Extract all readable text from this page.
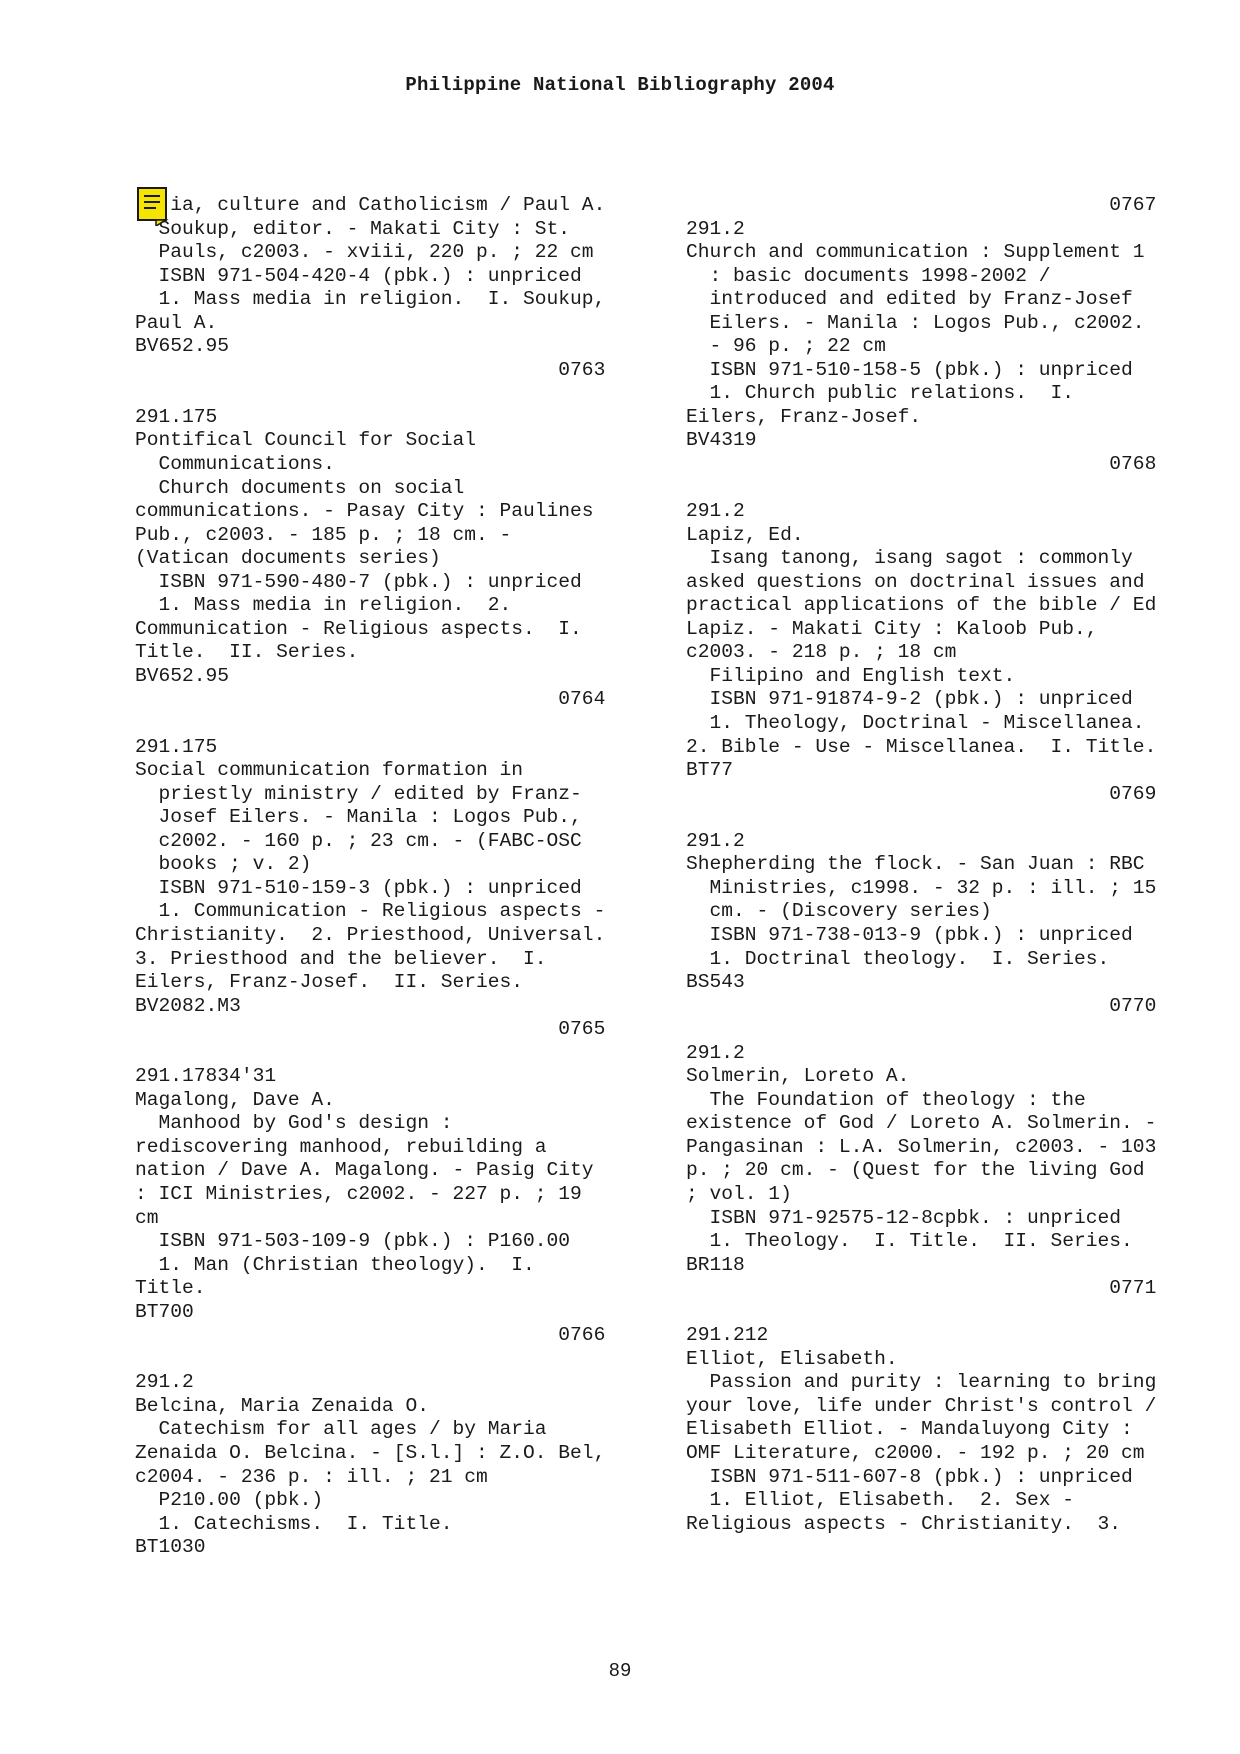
Philippine National Bibliography 2004
ia, culture and Catholicism / Paul A.
Soukup, editor. - Makati City : St.
Pauls, c2003. - xviii, 220 p. ; 22 cm
ISBN 971-504-420-4 (pbk.) : unpriced
1. Mass media in religion.  I. Soukup,
Paul A.
BV652.95
0763
291.175
Pontifical Council for Social
Communications.
Church documents on social
communications. - Pasay City : Paulines
Pub., c2003. - 185 p. ; 18 cm. -
(Vatican documents series)
ISBN 971-590-480-7 (pbk.) : unpriced
1. Mass media in religion.  2.
Communication - Religious aspects.  I.
Title.  II. Series.
BV652.95
0764
291.175
Social communication formation in
priestly ministry / edited by Franz-
Josef Eilers. - Manila : Logos Pub.,
c2002. - 160 p. ; 23 cm. - (FABC-OSC
books ; v. 2)
ISBN 971-510-159-3 (pbk.) : unpriced
1. Communication - Religious aspects -
Christianity.  2. Priesthood, Universal.
3. Priesthood and the believer.  I.
Eilers, Franz-Josef.  II. Series.
BV2082.M3
0765
291.17834'31
Magalong, Dave A.
Manhood by God's design :
rediscovering manhood, rebuilding a
nation / Dave A. Magalong. - Pasig City
: ICI Ministries, c2002. - 227 p. ; 19
cm
ISBN 971-503-109-9 (pbk.) : P160.00
1. Man (Christian theology).  I.
Title.
BT700
0766
291.2
Belcina, Maria Zenaida O.
Catechism for all ages / by Maria
Zenaida O. Belcina. - [S.l.] : Z.O. Bel,
c2004. - 236 p. : ill. ; 21 cm
P210.00 (pbk.)
1. Catechisms.  I. Title.
BT1030
0767
291.2
Church and communication : Supplement 1
: basic documents 1998-2002 /
introduced and edited by Franz-Josef
Eilers. - Manila : Logos Pub., c2002.
- 96 p. ; 22 cm
ISBN 971-510-158-5 (pbk.) : unpriced
1. Church public relations.  I.
Eilers, Franz-Josef.
BV4319
0768
291.2
Lapiz, Ed.
Isang tanong, isang sagot : commonly
asked questions on doctrinal issues and
practical applications of the bible / Ed
Lapiz. - Makati City : Kaloob Pub.,
c2003. - 218 p. ; 18 cm
Filipino and English text.
ISBN 971-91874-9-2 (pbk.) : unpriced
1. Theology, Doctrinal - Miscellanea.
2. Bible - Use - Miscellanea.  I. Title.
BT77
0769
291.2
Shepherding the flock. - San Juan : RBC
Ministries, c1998. - 32 p. : ill. ; 15
cm. - (Discovery series)
ISBN 971-738-013-9 (pbk.) : unpriced
1. Doctrinal theology.  I. Series.
BS543
0770
291.2
Solmerin, Loreto A.
The Foundation of theology : the
existence of God / Loreto A. Solmerin. -
Pangasinan : L.A. Solmerin, c2003. - 103
p. ; 20 cm. - (Quest for the living God
; vol. 1)
ISBN 971-92575-12-8cpbk. : unpriced
1. Theology.  I. Title.  II. Series.
BR118
0771
291.212
Elliot, Elisabeth.
Passion and purity : learning to bring
your love, life under Christ's control /
Elisabeth Elliot. - Mandaluyong City :
OMF Literature, c2000. - 192 p. ; 20 cm
ISBN 971-511-607-8 (pbk.) : unpriced
1. Elliot, Elisabeth.  2. Sex -
Religious aspects - Christianity.  3.
89
